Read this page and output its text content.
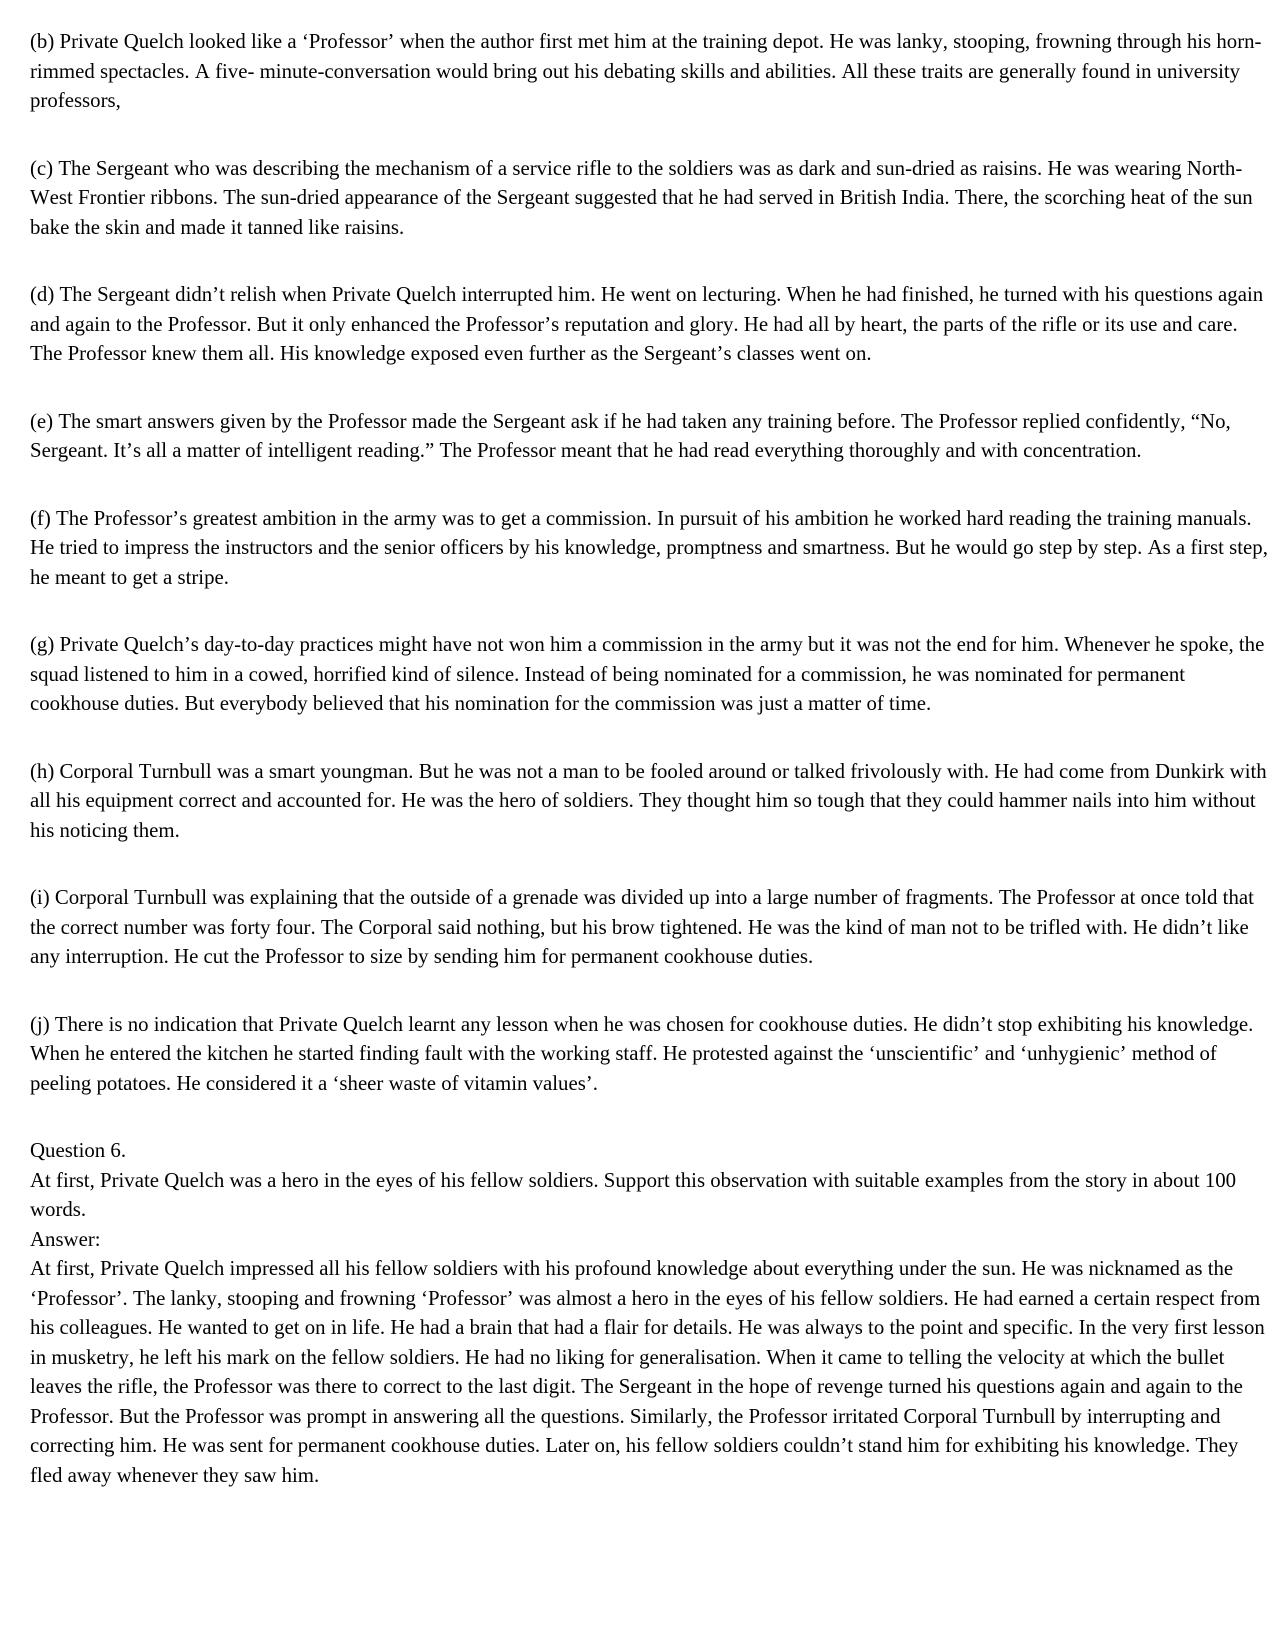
(b) Private Quelch looked like a ‘Professor’ when the author first met him at the training depot. He was lanky, stooping, frowning through his horn-rimmed spectacles. A five- minute-conversation would bring out his debating skills and abilities. All these traits are generally found in university professors,

(c) The Sergeant who was describing the mechanism of a service rifle to the soldiers was as dark and sun-dried as raisins. He was wearing North-West Frontier ribbons. The sun-dried appearance of the Sergeant suggested that he had served in British India. There, the scorching heat of the sun bake the skin and made it tanned like raisins.

(d) The Sergeant didn’t relish when Private Quelch interrupted him. He went on lecturing. When he had finished, he turned with his questions again and again to the Professor. But it only enhanced the Professor’s reputation and glory. He had all by heart, the parts of the rifle or its use and care. The Professor knew them all. His knowledge exposed even further as the Sergeant’s classes went on.

(e) The smart answers given by the Professor made the Sergeant ask if he had taken any training before. The Professor replied confidently, “No, Sergeant. It’s all a matter of intelligent reading.” The Professor meant that he had read everything thoroughly and with concentration.

(f) The Professor’s greatest ambition in the army was to get a commission. In pursuit of his ambition he worked hard reading the training manuals. He tried to impress the instructors and the senior officers by his knowledge, promptness and smartness. But he would go step by step. As a first step, he meant to get a stripe.

(g) Private Quelch’s day-to-day practices might have not won him a commission in the army but it was not the end for him. Whenever he spoke, the squad listened to him in a cowed, horrified kind of silence. Instead of being nominated for a commission, he was nominated for permanent cookhouse duties. But everybody believed that his nomination for the commission was just a matter of time.

(h) Corporal Turnbull was a smart youngman. But he was not a man to be fooled around or talked frivolously with. He had come from Dunkirk with all his equipment correct and accounted for. He was the hero of soldiers. They thought him so tough that they could hammer nails into him without his noticing them.

(i) Corporal Turnbull was explaining that the outside of a grenade was divided up into a large number of fragments. The Professor at once told that the correct number was forty four. The Corporal said nothing, but his brow tightened. He was the kind of man not to be trifled with. He didn’t like any interruption. He cut the Professor to size by sending him for permanent cookhouse duties.

(j) There is no indication that Private Quelch learnt any lesson when he was chosen for cookhouse duties. He didn’t stop exhibiting his knowledge. When he entered the kitchen he started finding fault with the working staff. He protested against the ‘unscientific’ and ‘unhygienic’ method of peeling potatoes. He considered it a ‘sheer waste of vitamin values’.

Question 6.
At first, Private Quelch was a hero in the eyes of his fellow soldiers. Support this observation with suitable examples from the story in about 100 words.
Answer:
At first, Private Quelch impressed all his fellow soldiers with his profound knowledge about everything under the sun. He was nicknamed as the ‘Professor’. The lanky, stooping and frowning ‘Professor’ was almost a hero in the eyes of his fellow soldiers. He had earned a certain respect from his colleagues. He wanted to get on in life. He had a brain that had a flair for details. He was always to the point and specific. In the very first lesson in musketry, he left his mark on the fellow soldiers. He had no liking for generalisation. When it came to telling the velocity at which the bullet leaves the rifle, the Professor was there to correct to the last digit. The Sergeant in the hope of revenge turned his questions again and again to the Professor. But the Professor was prompt in answering all the questions. Similarly, the Professor irritated Corporal Turnbull by interrupting and correcting him. He was sent for permanent cookhouse duties. Later on, his fellow soldiers couldn’t stand him for exhibiting his knowledge. They fled away whenever they saw him.
